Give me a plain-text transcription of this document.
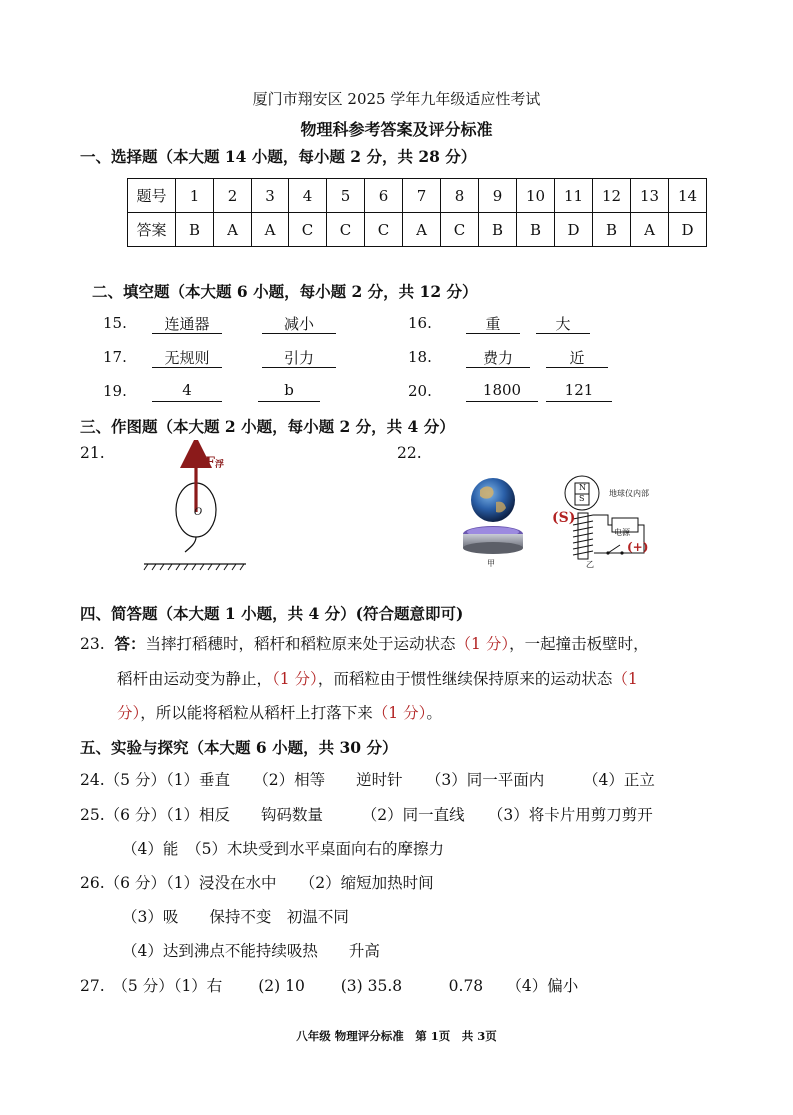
厦门市翔安区 2025 学年九年级适应性考试
物理科参考答案及评分标准
一、选择题（本大题 14 小题，每小题 2 分，共 28 分）
题号	1	2	3	4	5	6	7	8	9	10	11	12	13	14
答案	B	A	A	C	C	C	A	C	B	B	D	B	A	D
二、填空题（本大题 6 小题，每小题 2 分，共 12 分）
15.	连通器	减小	16.	重	大
17.	无规则	引力	18.	费力	近
19.	4	b	20.	1800	121
三、作图题（本大题 2 小题，每小题 2 分，共 4 分）
21.	22.
F浮
O
甲
N
S
地球仪内部
(S)
电源
(+)
乙
四、简答题（本大题 1 小题，共 4 分）(符合题意即可)
23. 答：当摔打稻穗时，稻杆和稻粒原来处于运动状态（1 分），一起撞击板壁时，
稻杆由运动变为静止，（1 分），而稻粒由于惯性继续保持原来的运动状态（1
分），所以能将稻粒从稻杆上打落下来（1 分）。
五、实验与探究（本大题 6 小题，共 30 分）
24.（5 分）（1）垂直　　（2）相等　　逆时针　　（3）同一平面内　　　（4）正立
25.（6 分）（1）相反　　钩码数量　　　（2）同一直线　　（3）将卡片用剪刀剪开
（4）能　（5）木块受到水平桌面向右的摩擦力
26.（6 分）（1）浸没在水中　　（2）缩短加热时间
（3）吸　　保持不变　初温不同
（4）达到沸点不能持续吸热　　升高
27.　（5 分）（1）右　　 (2) 10　　 (3) 35.8　　　0.78　　（4）偏小
八年级 物理评分标准　第 1页　共 3页
